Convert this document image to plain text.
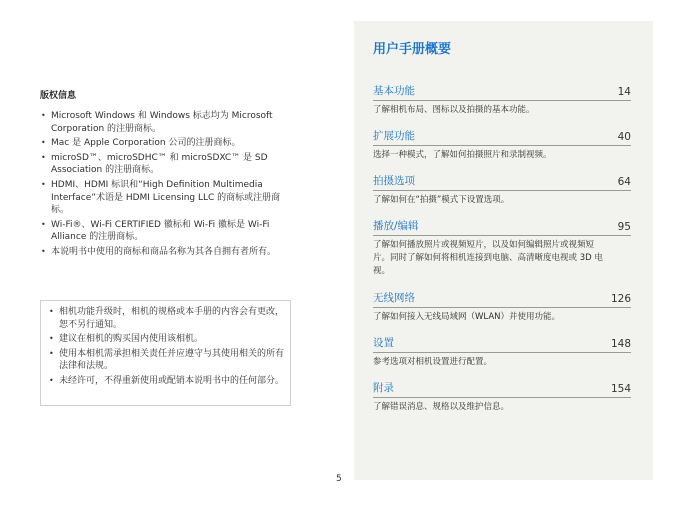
版权信息
• Microsoft Windows 和 Windows 标志均为 Microsoft Corporation 的注册商标。
• Mac 是 Apple Corporation 公司的注册商标。
• microSD™、microSDHC™ 和 microSDXC™ 是 SD Association 的注册商标。
• HDMI、HDMI 标识和“High Definition Multimedia Interface”术语是 HDMI Licensing LLC 的商标或注册商标。
• Wi-Fi®、Wi-Fi CERTIFIED 徽标和 Wi-Fi 徽标是 Wi-Fi Alliance 的注册商标。
• 本说明书中使用的商标和商品名称为其各自拥有者所有。
• 相机功能升级时，相机的规格或本手册的内容会有更改，恕不另行通知。
• 建议在相机的购买国内使用该相机。
• 使用本相机需承担相关责任并应遵守与其使用相关的所有法律和法规。
• 未经许可，不得重新使用或配销本说明书中的任何部分。
用户手册概要
基本功能	14
了解相机布局、图标以及拍摄的基本功能。
扩展功能	40
选择一种模式，了解如何拍摄照片和录制视频。
拍摄选项	64
了解如何在“拍摄”模式下设置选项。
播放/编辑	95
了解如何播放照片或视频短片，以及如何编辑照片或视频短片。同时了解如何将相机连接到电脑、高清晰度电视或 3D 电视。
无线网络	126
了解如何接入无线局域网（WLAN）并使用功能。
设置	148
参考选项对相机设置进行配置。
附录	154
了解错误消息、规格以及维护信息。
5
